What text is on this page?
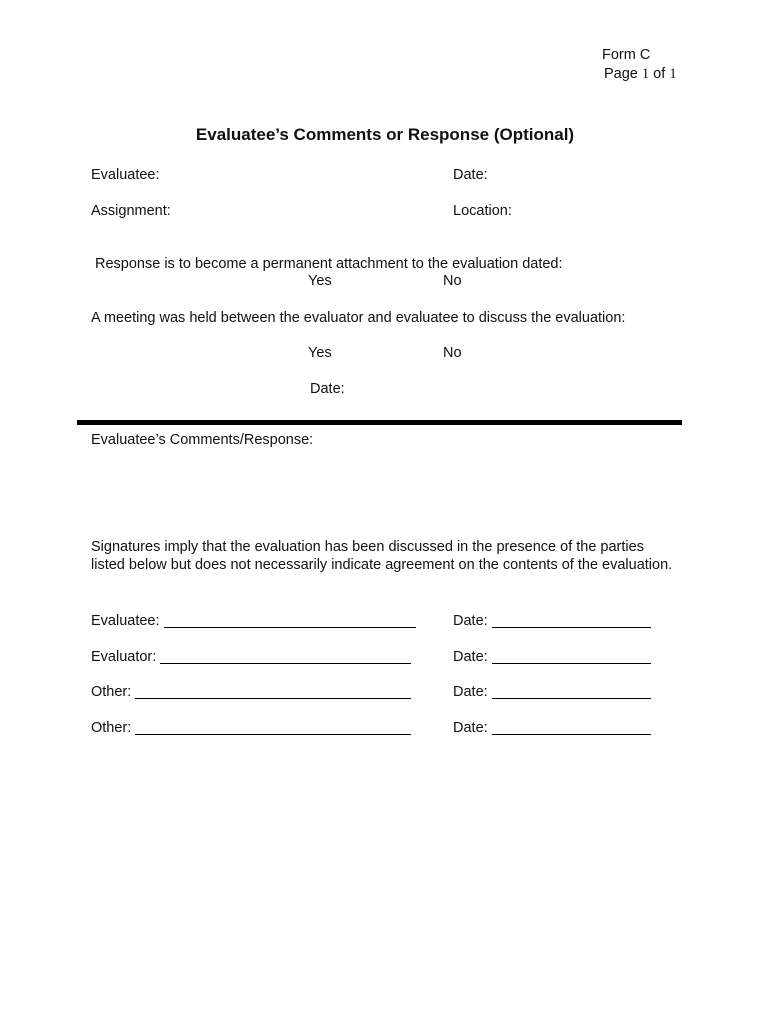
Form C
Page 1 of 1
Evaluatee’s Comments or Response (Optional)
Evaluatee:	Date:
Assignment:	Location:
Response is to become a permanent attachment to the evaluation dated:
Yes	No
A meeting was held between the evaluator and evaluatee to discuss the evaluation:
Yes	No
Date:
Evaluatee’s Comments/Response:
Signatures imply that the evaluation has been discussed in the presence of the parties listed below but does not necessarily indicate agreement on the contents of the evaluation.
Evaluatee:	Date:
Evaluator:	Date:
Other:	Date:
Other:	Date:
